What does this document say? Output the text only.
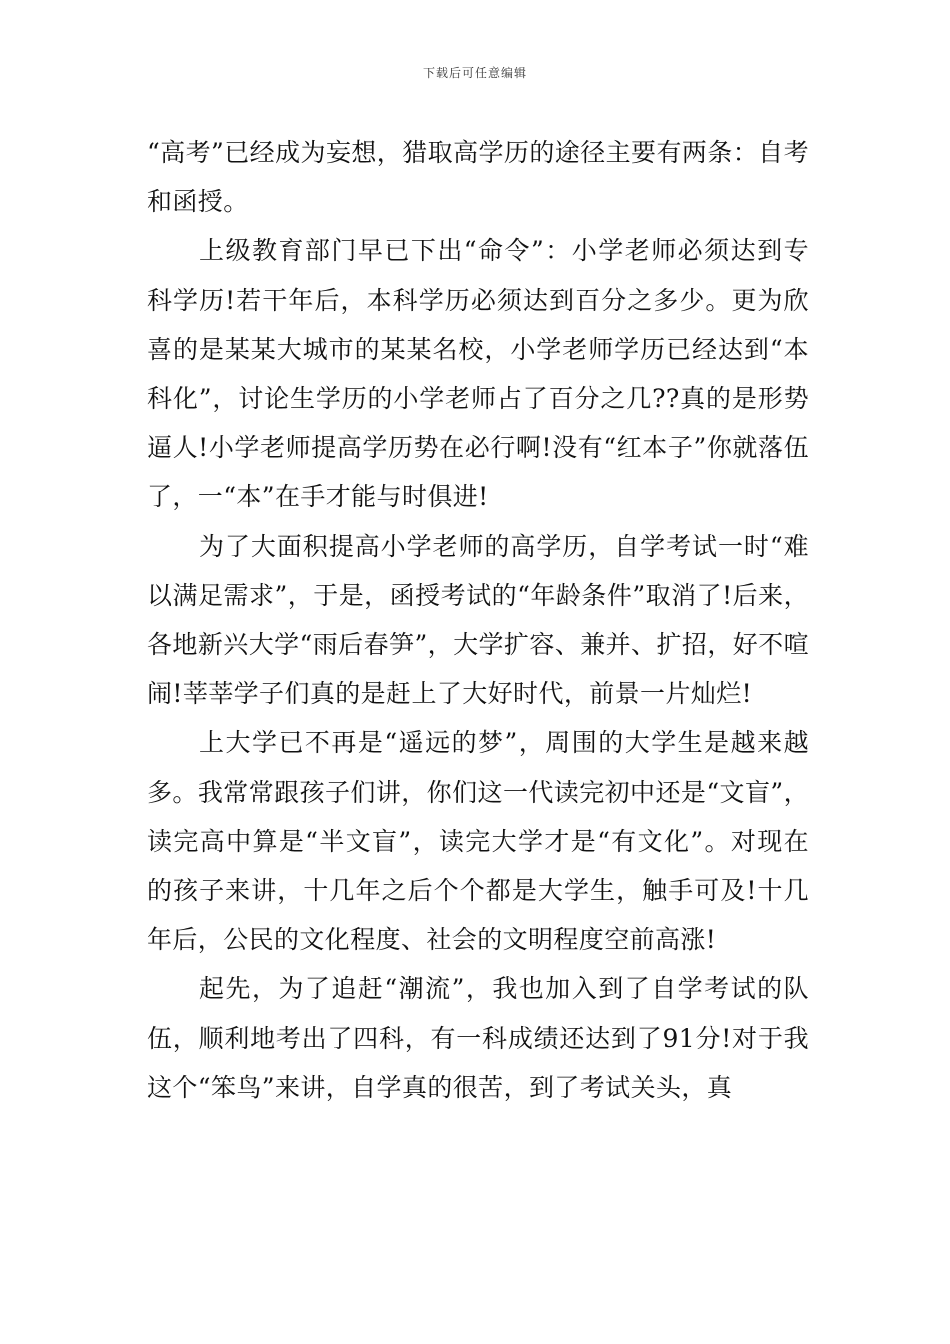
下载后可任意编辑

“高考”已经成为妄想，猎取高学历的途径主要有两条：自考和函授。

上级教育部门早已下出“命令”：小学老师必须达到专科学历!若干年后，本科学历必须达到百分之多少。更为欣喜的是某某大城市的某某名校，小学老师学历已经达到“本科化”，讨论生学历的小学老师占了百分之几??真的是形势逼人!小学老师提高学历势在必行啊!没有“红本子”你就落伍了，一“本”在手才能与时俱进!

为了大面积提高小学老师的高学历，自学考试一时“难以满足需求”，于是，函授考试的“年龄条件”取消了!后来，各地新兴大学“雨后春笋”，大学扩容、兼并、扩招，好不喧闹!莘莘学子们真的是赶上了大好时代，前景一片灿烂!

上大学已不再是“遥远的梦”，周围的大学生是越来越多。我常常跟孩子们讲，你们这一代读完初中还是“文盲”，读完高中算是“半文盲”，读完大学才是“有文化”。对现在的孩子来讲，十几年之后个个都是大学生，触手可及!十几年后，公民的文化程度、社会的文明程度空前高涨!

起先，为了追赶“潮流”，我也加入到了自学考试的队伍，顺利地考出了四科，有一科成绩还达到了91分!对于我这个“笨鸟”来讲，自学真的很苦，到了考试关头，真
